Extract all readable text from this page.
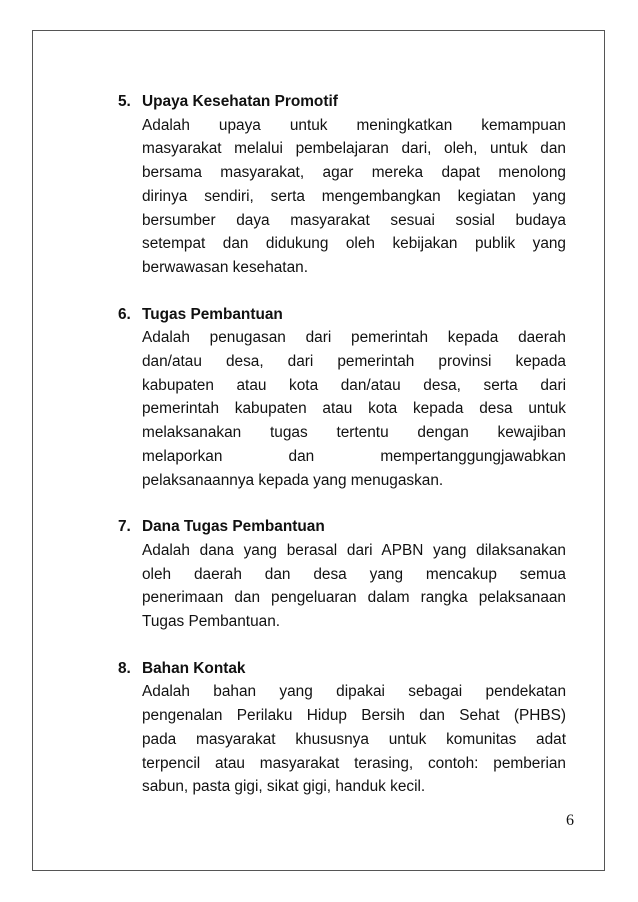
5. Upaya Kesehatan Promotif
Adalah upaya untuk meningkatkan kemampuan
masyarakat melalui pembelajaran dari, oleh, untuk dan
bersama masyarakat, agar mereka dapat menolong
dirinya sendiri, serta mengembangkan kegiatan yang
bersumber daya masyarakat sesuai sosial budaya
setempat dan didukung oleh kebijakan publik yang
berwawasan kesehatan.
6. Tugas Pembantuan
Adalah penugasan dari pemerintah kepada daerah
dan/atau desa, dari pemerintah provinsi kepada
kabupaten atau kota dan/atau desa, serta dari
pemerintah kabupaten atau kota kepada desa untuk
melaksanakan tugas tertentu dengan kewajiban
melaporkan dan mempertanggungjawabkan
pelaksanaannya kepada yang menugaskan.
7. Dana Tugas Pembantuan
Adalah dana yang berasal dari APBN yang dilaksanakan
oleh daerah dan desa yang mencakup semua
penerimaan dan pengeluaran dalam rangka pelaksanaan
Tugas Pembantuan.
8. Bahan Kontak
Adalah bahan yang dipakai sebagai pendekatan
pengenalan Perilaku Hidup Bersih dan Sehat (PHBS)
pada masyarakat khususnya untuk komunitas adat
terpencil atau masyarakat terasing, contoh: pemberian
sabun, pasta gigi, sikat gigi, handuk kecil.
6
